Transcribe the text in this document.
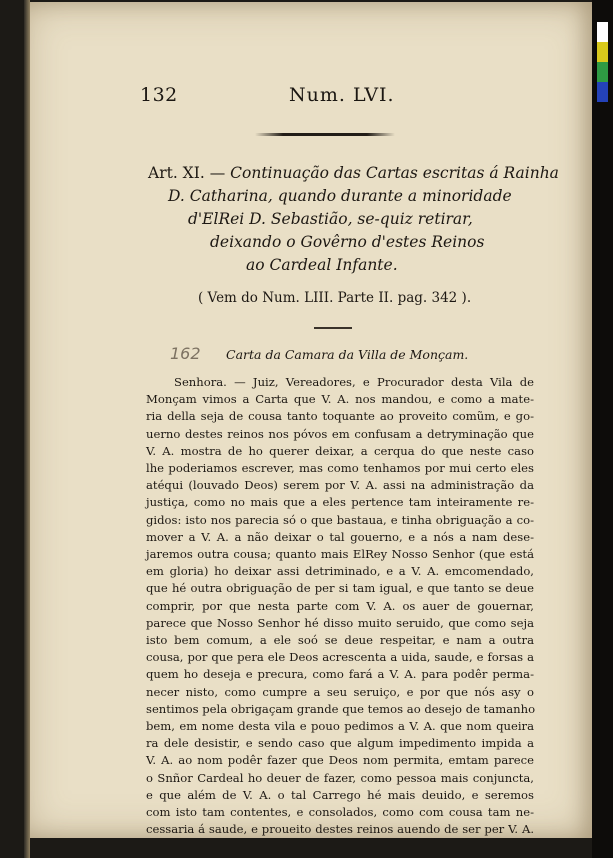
132	Num. LVI.
Art. XI. — Continuação das Cartas escritas á Rainha
D. Catharina, quando durante a minoridade
d'ElRei D. Sebastião, se-quiz retirar,
deixando o Govêrno d'estes Reinos
ao Cardeal Infante.
( Vem do Num. LIII. Parte II. pag. 342 ).
162 Carta da Camara da Villa de Monçam.
Senhora. — Juiz, Vereadores, e Procurador desta Vila de
Monçam vimos a Carta que V. A. nos mandou, e como a mate-
ria della seja de cousa tanto toquante ao proveito comũm, e go-
uerno destes reinos nos póvos em confusam a detryminação que
V. A. mostra de ho querer deixar, a cerqua do que neste caso
lhe poderiamos escrever, mas como tenhamos por mui certo eles
atéqui (louvado Deos) serem por V. A. assi na administração da
justiça, como no mais que a eles pertence tam inteiramente re-
gidos: isto nos parecia só o que bastaua, e tinha obriguação a co-
mover a V. A. a não deixar o tal gouerno, e a nós a nam dese-
jaremos outra cousa; quanto mais ElRey Nosso Senhor (que está
em gloria) ho deixar assi detriminado, e a V. A. emcomendado,
que hé outra obriguação de per si tam igual, e que tanto se deue
comprir, por que nesta parte com V. A. os auer de gouernar,
parece que Nosso Senhor hé disso muito seruido, que como seja
isto bem comum, a ele soó se deue respeitar, e nam a outra
cousa, por que pera ele Deos acrescenta a uida, saude, e forsas a
quem ho deseja e precura, como fará a V. A. para podêr perma-
necer nisto, como cumpre a seu seruiço, e por que nós asy o
sentimos pela obrigaçam grande que temos ao desejo de tamanho
bem, em nome desta vila e pouo pedimos a V. A. que nom queira
ra dele desistir, e sendo caso que algum impedimento impida a
V. A. ao nom podêr fazer que Deos nom permita, emtam parece
o Snñor Cardeal ho deuer de fazer, como pessoa mais conjuncta,
e que além de V. A. o tal Carrego hé mais deuido, e seremos
com isto tam contentes, e consolados, como com cousa tam ne-
cessaria á saude, e proueito destes reinos auendo de ser per V. A.
